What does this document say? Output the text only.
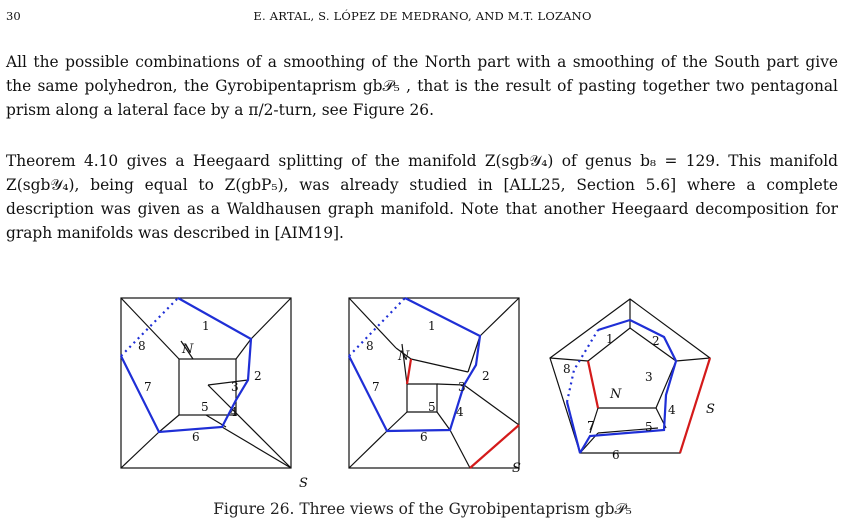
30	E. ARTAL, S. LÓPEZ DE MEDRANO, AND M.T. LOZANO
All the possible combinations of a smoothing of the North part with a smoothing of the South part give the same polyhedron, the Gyrobipentaprism gb𝒫₅ , that is the result of pasting together two pentagonal prism along a lateral face by a π/2-turn, see Figure 26.
Theorem 4.10 gives a Heegaard splitting of the manifold Z(sgb𝒴₄) of genus b₈ = 129. This manifold Z(sgb𝒴₄), being equal to Z(gbP₅), was already studied in [ALL25, Section 5.6] where a complete description was given as a Waldhausen graph manifold. Note that another Heegaard decomposition for graph manifolds was described in [AIM19].
1
2
3
4
5
6
7
8	N
S
1
2
3
4
5
6
7
8
N
S
1	2
3
4
5
6
7
8
N
S
Figure 26. Three views of the Gyrobipentaprism gb𝒫₅
